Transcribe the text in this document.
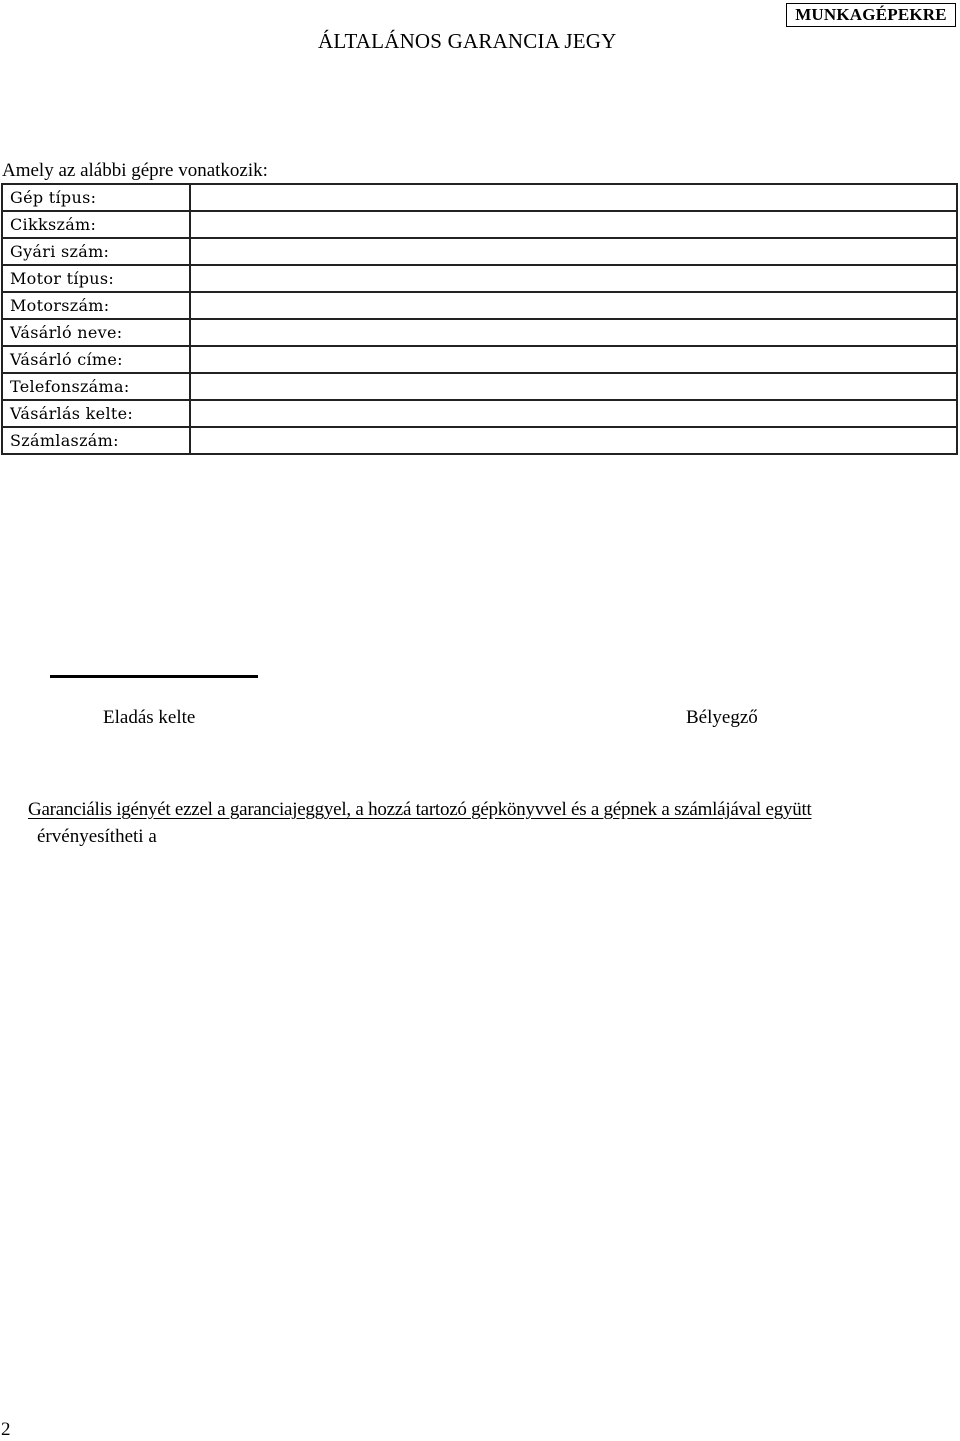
ÁLTALÁNOS GARANCIA JEGY
MUNKAGÉPEKRE
Amely az alábbi gépre vonatkozik:
Gép típus:	
Cikkszám:	
Gyári szám:	
Motor típus:	
Motorszám:	
Vásárló neve:	
Vásárló címe:	
Telefonszáma:	
Vásárlás kelte:	
Számlaszám:	
Eladás kelte	Bélyegző
Garanciális igényét ezzel a garanciajeggyel, a hozzá tartozó gépkönyvvel és a gépnek a számlájával együtt
érvényesítheti a
2
